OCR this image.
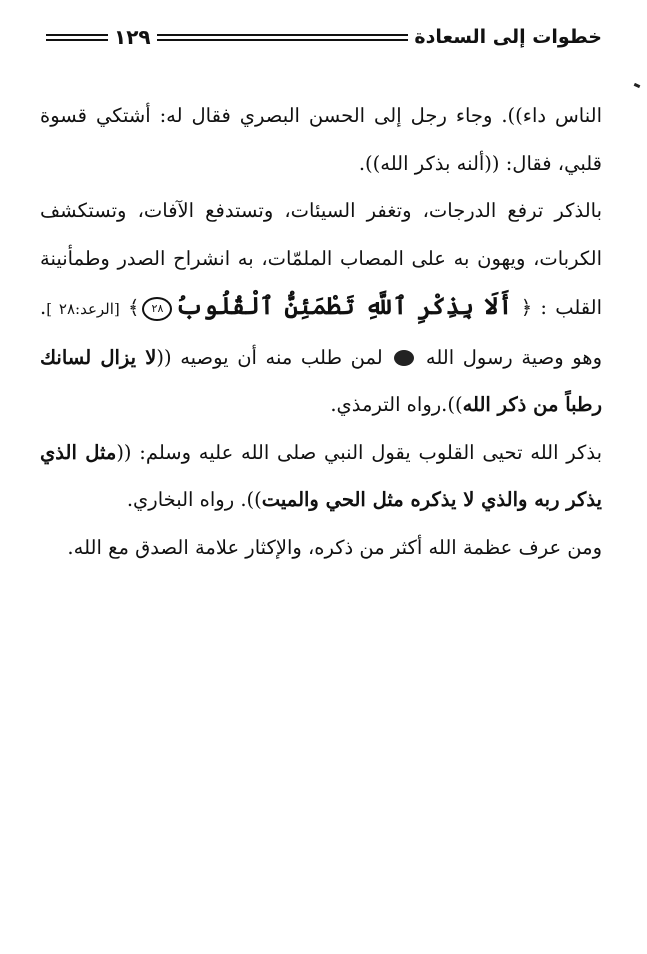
خطوات إلى السعادة
١٢٩

الناس داء)). وجاء رجل إلى الحسن البصري فقال له: أشتكي قسوة قلبي، فقال: ((ألنه بذكر الله)).

بالذكر ترفع الدرجات، وتغفر السيئات، وتستدفع الآفات، وتستكشف الكربات، ويهون به على المصاب الملمّات، به انشراح الصدر وطمأنينة القلب : ﴿ أَلَا بِذِكْرِ ٱللَّهِ تَطْمَئِنُّ ٱلْقُلُوبُ٢٨﴾ [الرعد:٢٨ ]. وهو وصية رسول الله  لمن طلب منه أن يوصيه ((لا يزال لسانك رطباً من ذكر الله)).رواه الترمذي.

بذكر الله تحيى القلوب يقول النبي صلى الله عليه وسلم: ((مثل الذي يذكر ربه والذي لا يذكره مثل الحي والميت)). رواه البخاري.

ومن عرف عظمة الله أكثر من ذكره، والإكثار علامة الصدق مع الله.
